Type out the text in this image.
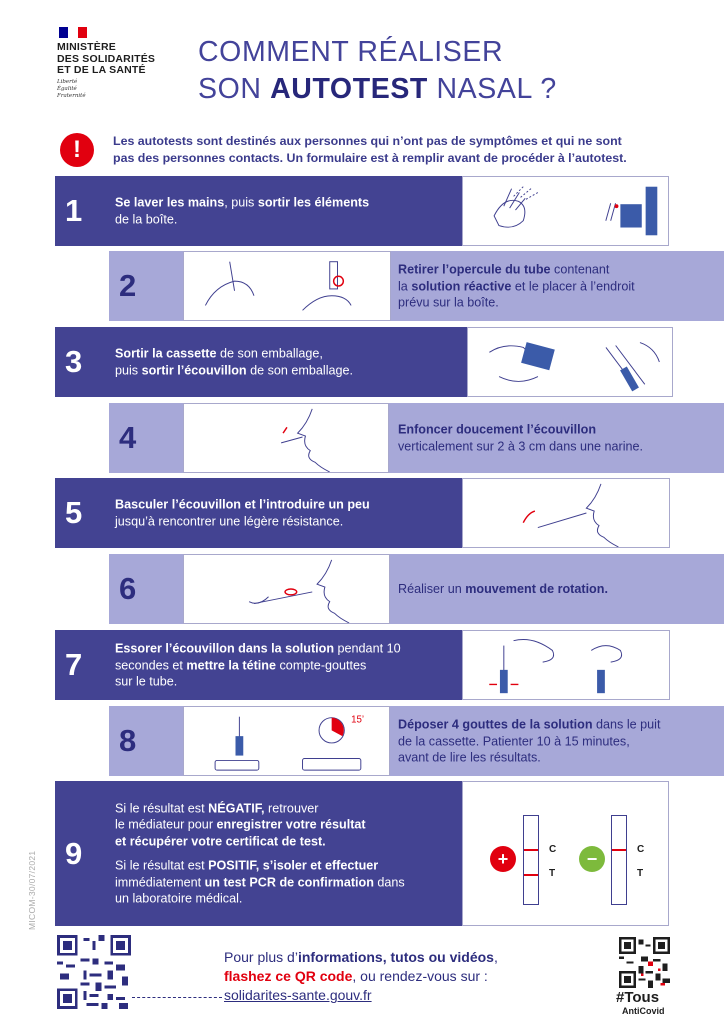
MINISTÈRE
DES SOLIDARITÉS
ET DE LA SANTÉ
Liberté
Égalité
Fraternité
COMMENT RÉALISER
SON AUTOTEST NASAL ?
!	Les autotests sont destinés aux personnes qui n’ont pas de symptômes et qui ne sont
pas des personnes contacts. Un formulaire est à remplir avant de procéder à l’autotest.
1	Se laver les mains, puis sortir les éléments
de la boîte.
2	Retirer l’opercule du tube contenant
la solution réactive et le placer à l’endroit
prévu sur la boîte.
3	Sortir la cassette de son emballage,
puis sortir l’écouvillon de son emballage.
4	Enfoncer doucement l’écouvillon
verticalement sur 2 à 3 cm dans une narine.
5	Basculer l’écouvillon et l’introduire un peu
jusqu’à rencontrer une légère résistance.
6	Réaliser un mouvement de rotation.
7	Essorer l’écouvillon dans la solution pendant 10
secondes et mettre la tétine compte-gouttes
sur le tube.
8	Déposer 4 gouttes de la solution dans le puit
de la cassette. Patienter 10 à 15 minutes,
avant de lire les résultats.
15’
9
Si le résultat est NÉGATIF, retrouver
le médiateur pour enregistrer votre résultat
et récupérer votre certificat de test.
Si le résultat est POSITIF, s’isoler et effectuer
immédiatement un test PCR de confirmation dans
un laboratoire médical.
+	C
T
−	C
T
MICOM-30/07/2021
Pour plus d’informations, tutos ou vidéos,
flashez ce QR code, ou rendez-vous sur :
solidarites-sante.gouv.fr	#Tous
AntiCovid
